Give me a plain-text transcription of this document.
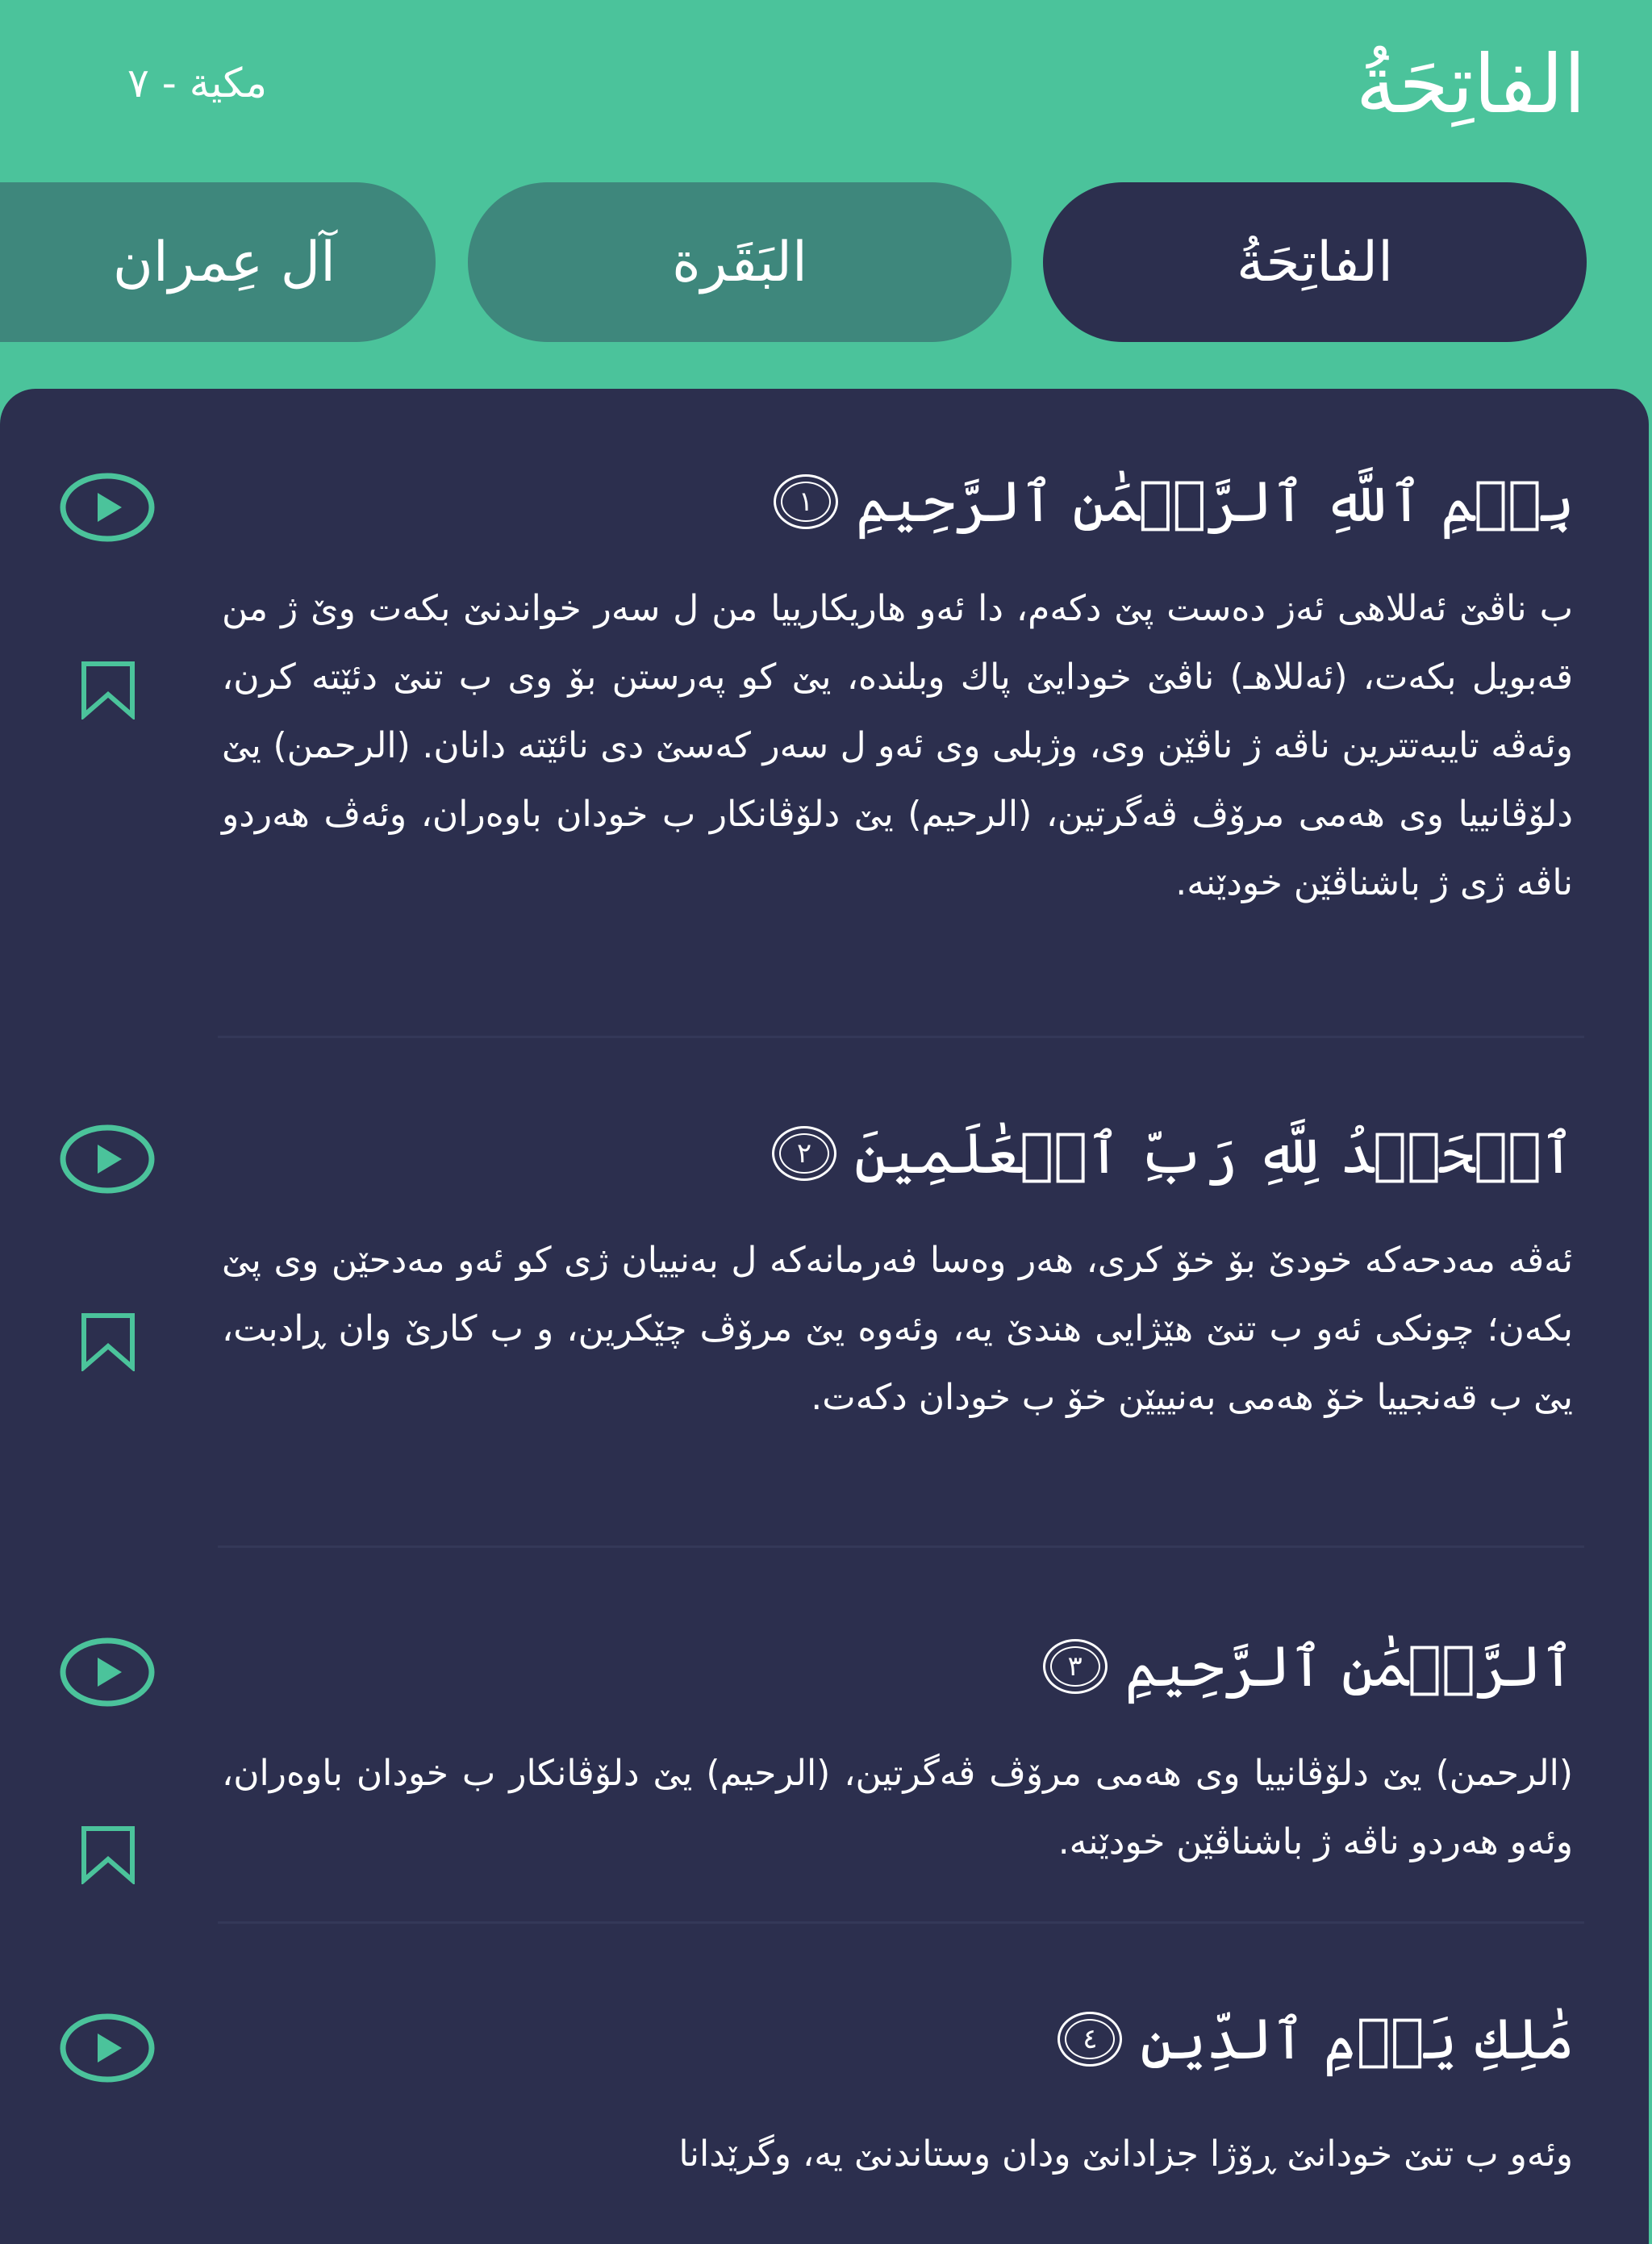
الفاتِحَةُ
مكية - ٧
الفاتِحَةُ
البَقَرة
آل عِمران
بِسۡمِ ٱللَّهِ ٱلرَّحۡمَٰنِ ٱلرَّحِيمِ
١
ب ناڤێ ئەللاهی ئەز دەست پێ دکەم، دا ئەو هاریکارییا من ل سەر خواندنێ بکەت وێ ژ من قەبویل بکەت، (ئەللاهـ) ناڤێ خودایێ پاك وبلندە، یێ کو پەرستن بۆ وی ب تنێ دئێتە کرن، وئەڤە تایبەتترین ناڤە ژ ناڤێن وی، وژبلی وی ئەو ل سەر کەسێ دی نائێتە دانان. (الرحمن) یێ دلۆڤانییا وی هەمی مرۆڤ ڤەگرتین، (الرحیم) یێ دلۆڤانکار ب خودان باوەران، وئەڤ هەردو ناڤە ژی ژ باشناڤێن خودێنە.
ٱلۡحَمۡدُ لِلَّهِ رَبِّ ٱلۡعَٰلَمِينَ
٢
ئەڤە مەدحەکە خودێ بۆ خۆ کری، هەر وەسا فەرمانەکە ل بەنییان ژی کو ئەو مەدحێن وی پێ بکەن؛ چونکی ئەو ب تنێ هێژایی هندێ یە، وئەوە یێ مرۆڤ چێکرین، و ب کارێ وان ڕادبت، یێ ب قەنجییا خۆ هەمی بەنییێن خۆ ب خودان دکەت.
ٱلرَّحۡمَٰنِ ٱلرَّحِيمِ
٣
(الرحمن) یێ دلۆڤانییا وی هەمی مرۆڤ ڤەگرتین، (الرحیم) یێ دلۆڤانکار ب خودان باوەران، وئەو هەردو ناڤە ژ باشناڤێن خودێنە.
مَٰلِكِ يَوۡمِ ٱلدِّينِ
٤
وئەو ب تنێ خودانێ ڕۆژا جزادانێ ودان وستاندنێ یە، وگرێدانا
